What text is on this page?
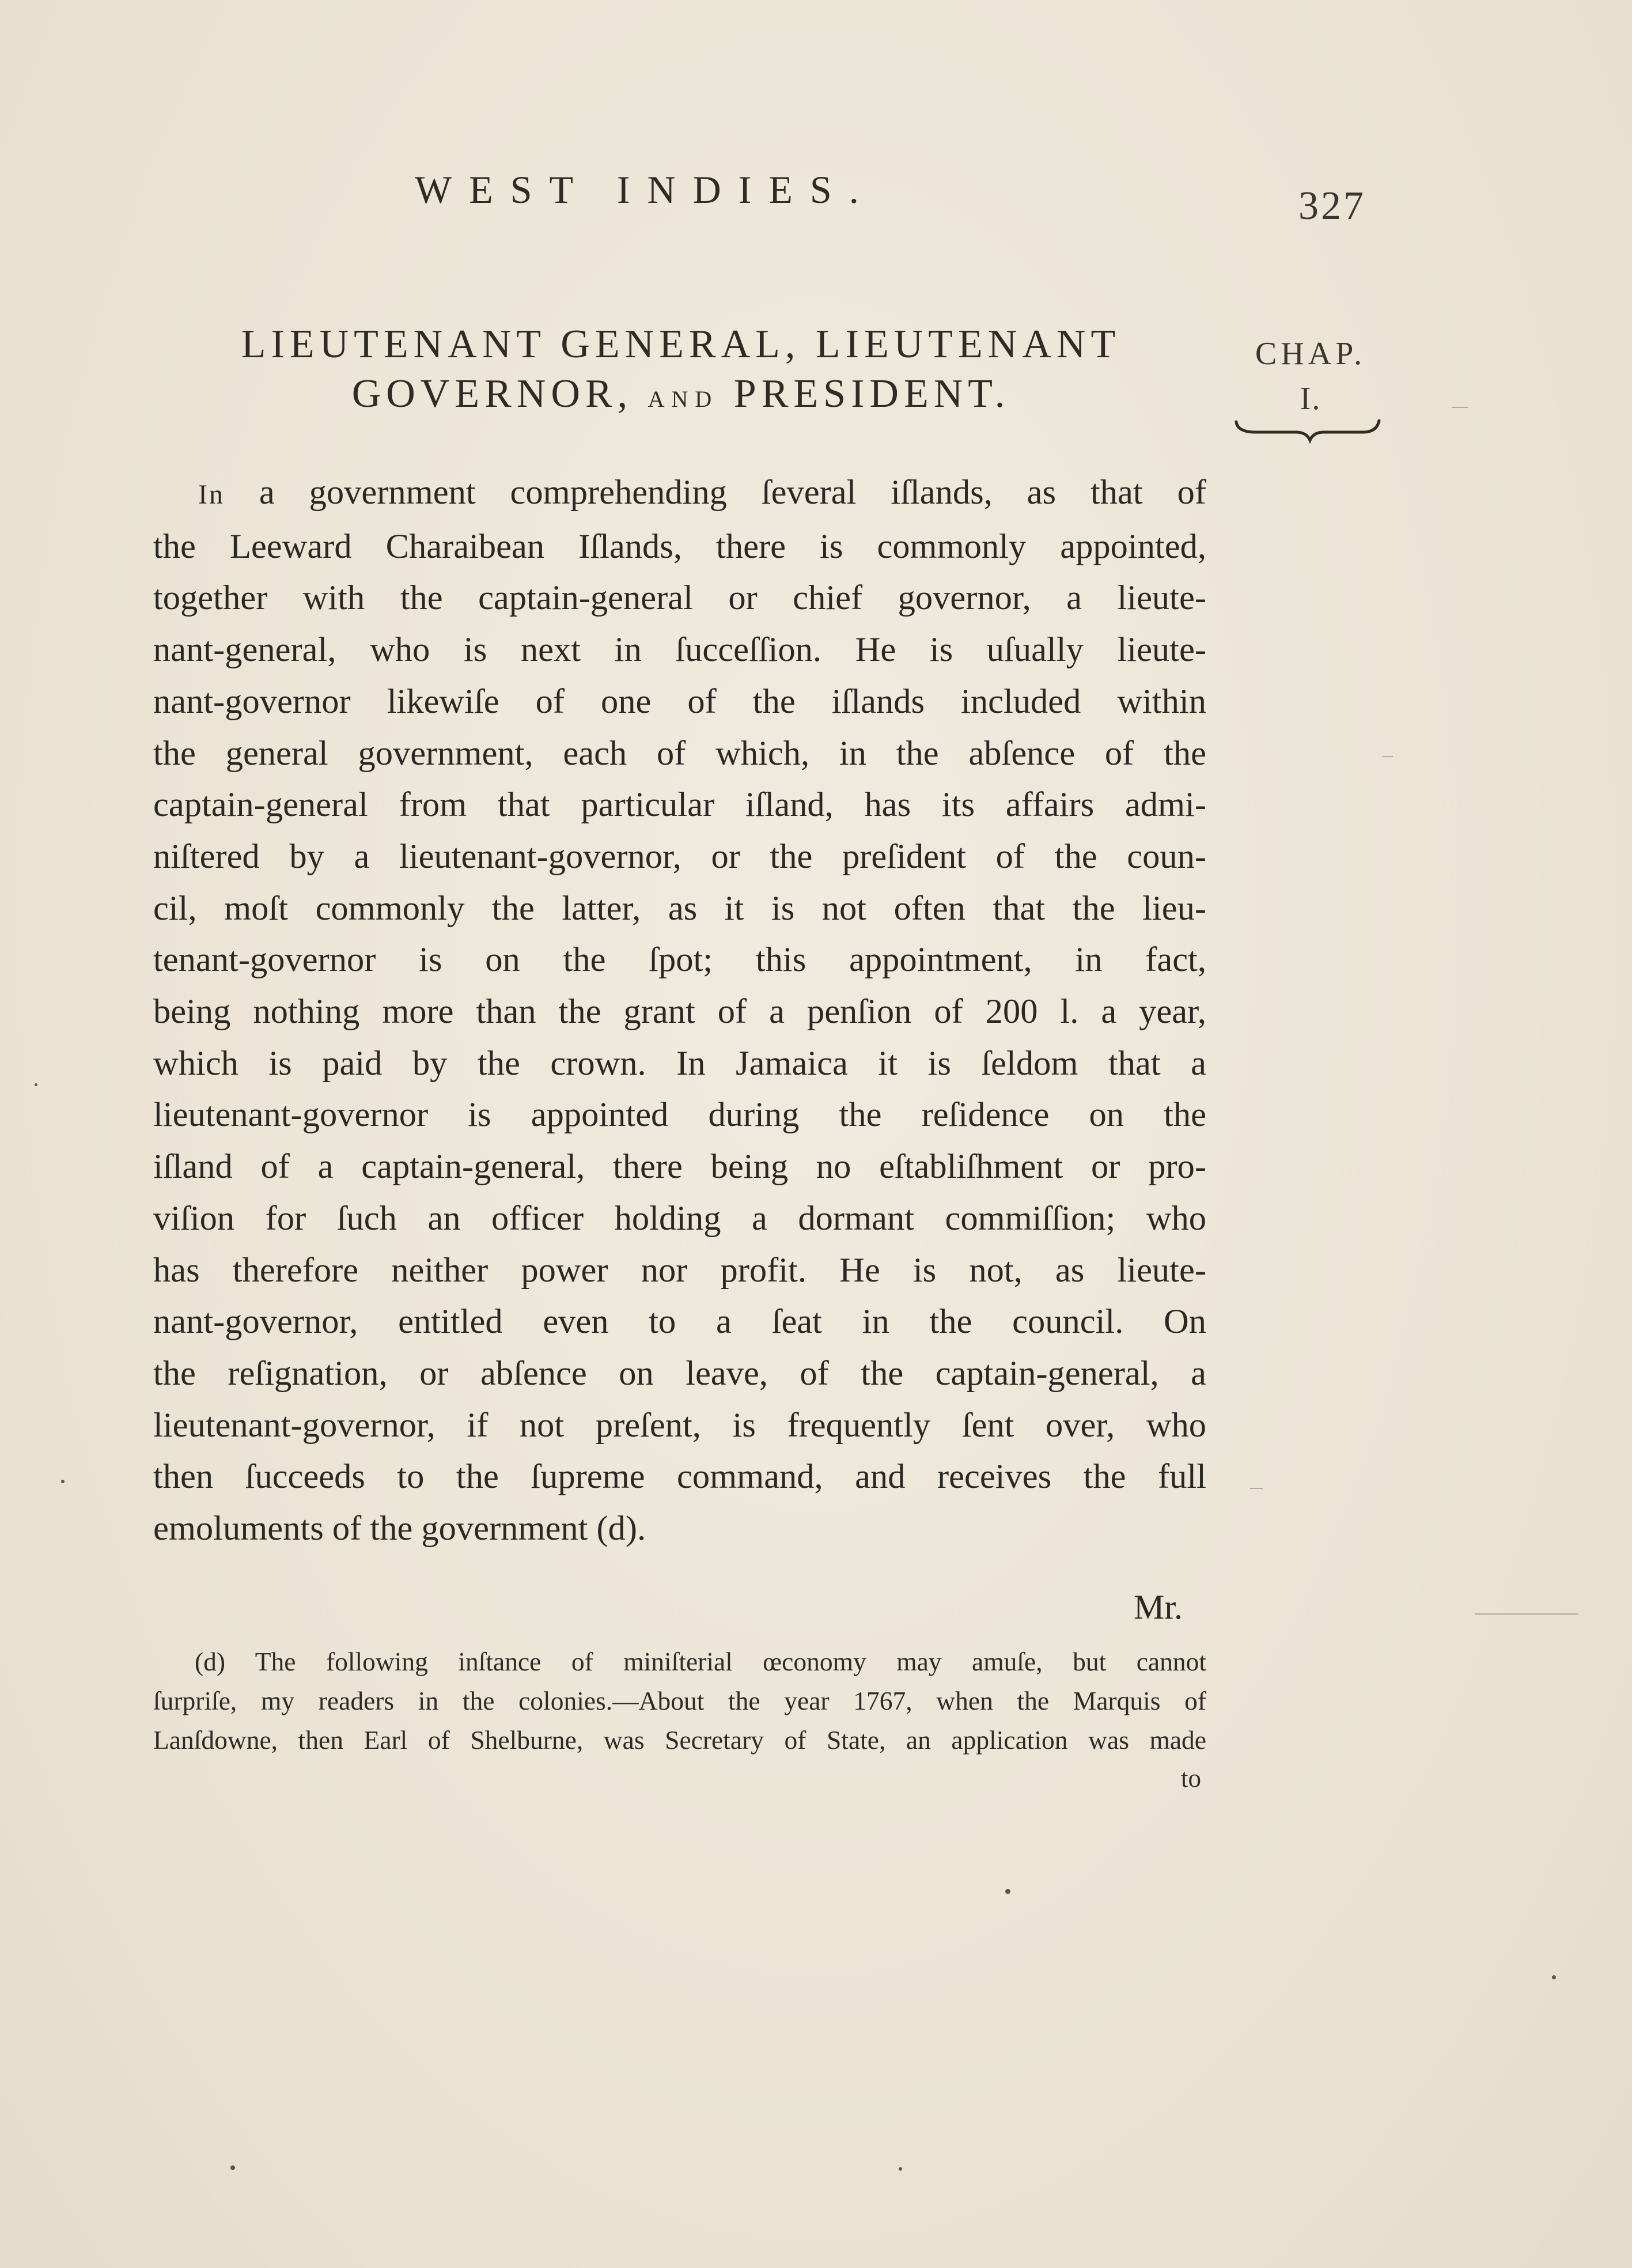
WEST INDIES.	327
LIEUTENANT GENERAL, LIEUTENANT
GOVERNOR, AND PRESIDENT.
CHAP.
I.
In a government comprehending ſeveral iſlands, as that of
the Leeward Charaibean Iſlands, there is commonly appointed,
together with the captain-general or chief governor, a lieute-
nant-general, who is next in ſucceſſion. He is uſually lieute-
nant-governor likewiſe of one of the iſlands included within
the general government, each of which, in the abſence of the
captain-general from that particular iſland, has its affairs admi-
niſtered by a lieutenant-governor, or the preſident of the coun-
cil, moſt commonly the latter, as it is not often that the lieu-
tenant-governor is on the ſpot; this appointment, in fact,
being nothing more than the grant of a penſion of 200 l. a year,
which is paid by the crown. In Jamaica it is ſeldom that a
lieutenant-governor is appointed during the reſidence on the
iſland of a captain-general, there being no eſtabliſhment or pro-
viſion for ſuch an officer holding a dormant commiſſion; who
has therefore neither power nor profit. He is not, as lieute-
nant-governor, entitled even to a ſeat in the council. On
the reſignation, or abſence on leave, of the captain-general, a
lieutenant-governor, if not preſent, is frequently ſent over, who
then ſucceeds to the ſupreme command, and receives the full
emoluments of the government (d).
Mr.
(d) The following inſtance of miniſterial œconomy may amuſe, but cannot
ſurpriſe, my readers in the colonies.—About the year 1767, when the Marquis of
Lanſdowne, then Earl of Shelburne, was Secretary of State, an application was made
to
